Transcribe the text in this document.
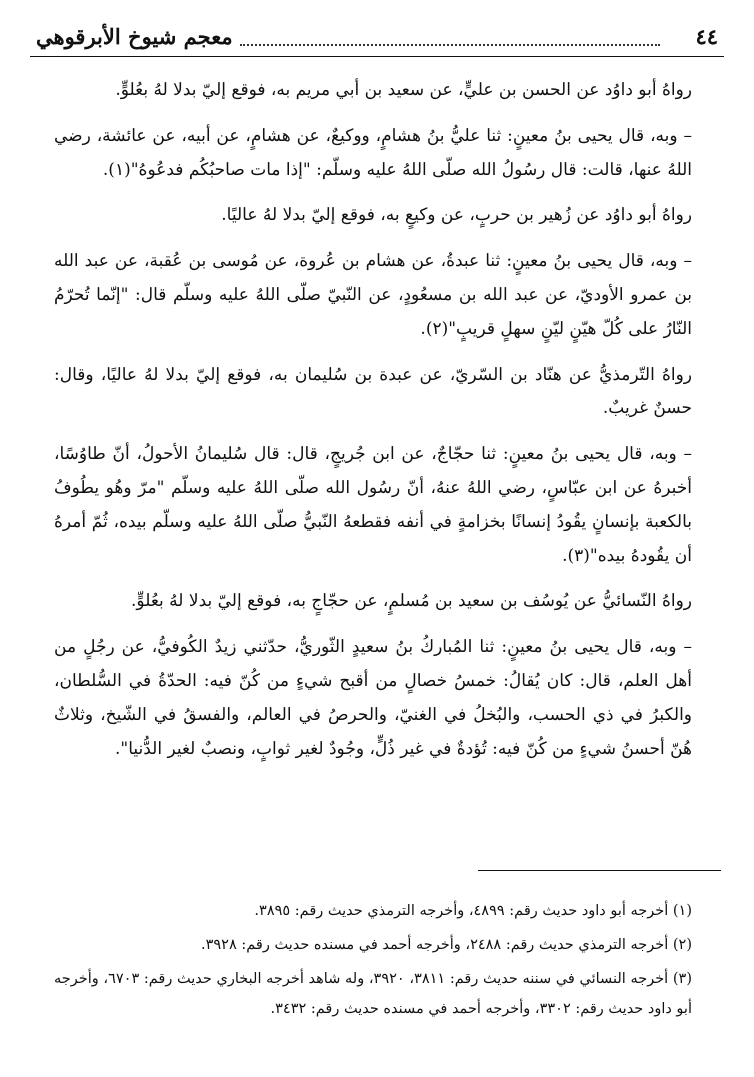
٤٤
معجم شيوخ الأبرقوهي

رواهُ أبو داوُد عن الحسن بن عليٍّ، عن سعيد بن أبي مريم به، فوقع إليّ بدلا لهُ بعُلوٍّ.

– وبه، قال يحيى بنُ معينٍ: ثنا عليُّ بنُ هشامٍ، ووكيعٌ، عن هشامٍ، عن أبيه، عن عائشة، رضي اللهُ عنها، قالت: قال رسُولُ الله صلّى اللهُ عليه وسلّم: "إذا مات صاحبُكُم فدعُوهُ"(١).

رواهُ أبو داوُد عن زُهير بن حربٍ، عن وكيعٍ به، فوقع إليّ بدلا لهُ عاليًا.

– وبه، قال يحيى بنُ معينٍ: ثنا عبدةُ، عن هشام بن عُروة، عن مُوسى بن عُقبة، عن عبد الله بن عمرو الأوديّ، عن عبد الله بن مسعُودٍ، عن النّبيّ صلّى اللهُ عليه وسلّم قال: "إنّما تُحرّمُ النّارُ على كُلّ هيّنٍ ليّنٍ سهلٍ قريبٍ"(٢).

رواهُ التّرمذيُّ عن هنّاد بن السّريّ، عن عبدة بن سُليمان به، فوقع إليّ بدلا لهُ عاليًا، وقال: حسنٌ غريبٌ.

– وبه، قال يحيى بنُ معينٍ: ثنا حجّاجٌ، عن ابن جُريجٍ، قال: قال سُليمانُ الأحولُ، أنّ طاوُسًا، أخبرهُ عن ابن عبّاسٍ، رضي اللهُ عنهُ، أنّ رسُول الله صلّى اللهُ عليه وسلّم "مرّ وهُو يطُوفُ بالكعبة بإنسانٍ يقُودُ إنسانًا بخزامةٍ في أنفه فقطعهُ النّبيُّ صلّى اللهُ عليه وسلّم بيده، ثُمّ أمرهُ أن يقُودهُ بيده"(٣).

رواهُ النّسائيُّ عن يُوسُف بن سعيد بن مُسلمٍ، عن حجّاجٍ به، فوقع إليّ بدلا لهُ بعُلوٍّ.

– وبه، قال يحيى بنُ معينٍ: ثنا المُباركُ بنُ سعيدٍ الثّوريُّ، حدّثني زيدٌ الكُوفيُّ، عن رجُلٍ من أهل العلم، قال: كان يُقالُ: خمسُ خصالٍ من أقبح شيءٍ من كُنّ فيه: الحدّةُ في السُّلطان، والكبرُ في ذي الحسب، والبُخلُ في الغنيّ، والحرصُ في العالم، والفسقُ في الشّيخ، وثلاثٌ هُنّ أحسنُ شيءٍ من كُنّ فيه: تُؤدةٌ في غير ذُلٍّ، وجُودٌ لغير ثوابٍ، ونصبٌ لغير الدُّنيا".

(١) أخرجه أبو داود حديث رقم: ٤٨٩٩، وأخرجه الترمذي حديث رقم: ٣٨٩٥.

(٢) أخرجه الترمذي حديث رقم: ٢٤٨٨، وأخرجه أحمد في مسنده حديث رقم: ٣٩٢٨.

(٣) أخرجه النسائي في سننه حديث رقم: ٣٨١١، ٣٩٢٠، وله شاهد أخرجه البخاري حديث رقم: ٦٧٠٣، وأخرجه أبو داود حديث رقم: ٣٣٠٢، وأخرجه أحمد في مسنده حديث رقم: ٣٤٣٢.
